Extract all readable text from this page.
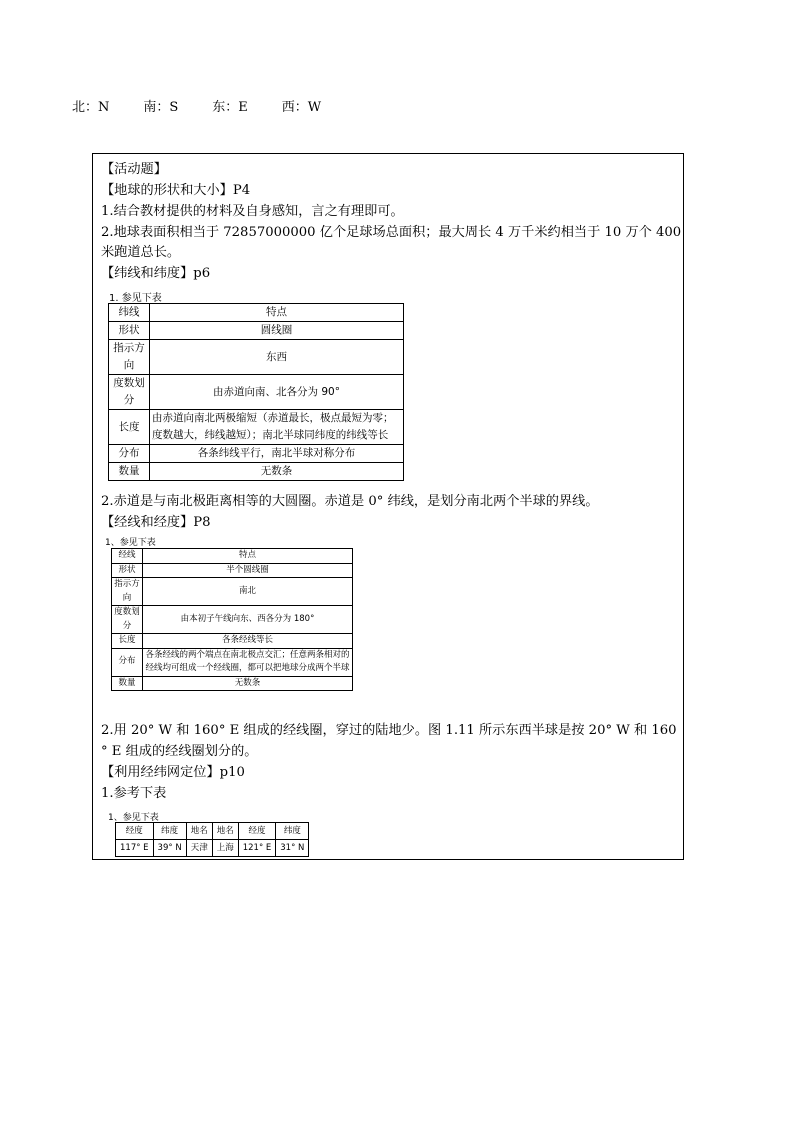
北：N	南：S	东：E	西：W
【活动题】
【地球的形状和大小】P4
1.结合教材提供的材料及自身感知，言之有理即可。
2.地球表面积相当于 72857000000 亿个足球场总面积；最大周长 4 万千米约相当于 10 万个 400
米跑道总长。
【纬线和纬度】p6
1. 参见下表
纬线	特点
形状	圆线圈
指示方向	东西
度数划分	由赤道向南、北各分为 90°
长度	由赤道向南北两极缩短（赤道最长，极点最短为零；度数越大，纬线越短）；南北半球同纬度的纬线等长
分布	各条纬线平行，南北半球对称分布
数量	无数条
2.赤道是与南北极距离相等的大圆圈。赤道是 0° 纬线，是划分南北两个半球的界线。
【经线和经度】P8
1、参见下表
经线	特点
形状	半个圆线圈
指示方向	南北
度数划分	由本初子午线向东、西各分为 180°
长度	各条经线等长
分布	各条经线的两个端点在南北极点交汇；任意两条相对的经线均可组成一个经线圈，都可以把地球分成两个半球
数量	无数条
2.用 20° W 和 160° E 组成的经线圈，穿过的陆地少。图 1.11 所示东西半球是按 20° W 和 160
° E 组成的经线圈划分的。
【利用经纬网定位】p10
1.参考下表
1、参见下表
经度	纬度	地名	地名	经度	纬度
117° E	39° N	天津	上海	121° E	31° N
